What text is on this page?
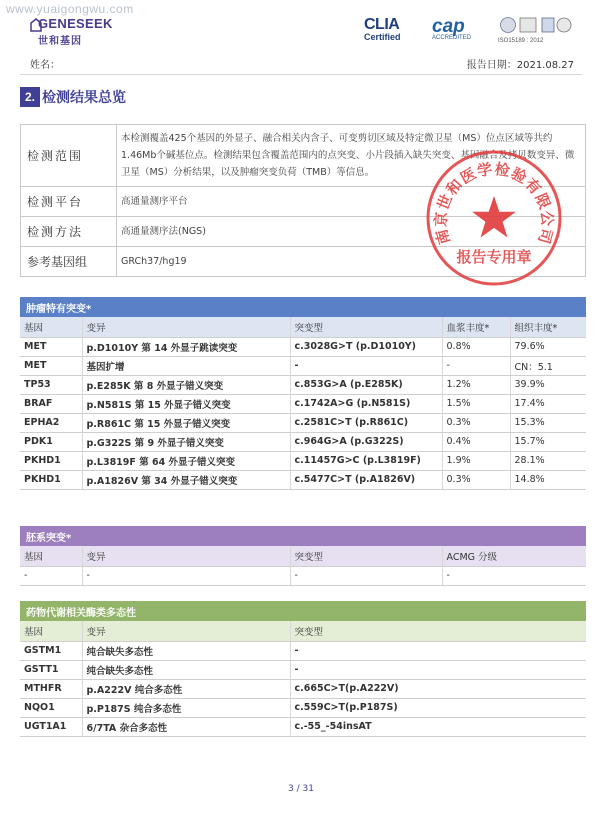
www.yuaigongwu.com
GENESEEK
世和基因
CLIA
Certified	cap
ACCREDITED	ISO15189 : 2012
姓名：	报告日期：2021.08.27
2. 检测结果总览
检测范围	本检测覆盖425个基因的外显子、融合相关内含子、可变剪切区域及特定微卫星（MS）位点区域等共约1.46Mb个碱基位点。检测结果包含覆盖范围内的点突变、小片段插入缺失突变、基因融合及拷贝数变异、微卫星（MS）分析结果，以及肿瘤突变负荷（TMB）等信息。
检测平台	高通量测序平台
检测方法	高通量测序法(NGS)
参考基因组	GRCh37/hg19
肿瘤特有突变*
基因	变异	突变型	血浆丰度*	组织丰度*
MET	p.D1010Y 第 14 外显子跳读突变	c.3028G>T (p.D1010Y)	0.8%	79.6%
MET	基因扩增	-	-	CN：5.1
TP53	p.E285K 第 8 外显子错义突变	c.853G>A (p.E285K)	1.2%	39.9%
BRAF	p.N581S 第 15 外显子错义突变	c.1742A>G (p.N581S)	1.5%	17.4%
EPHA2	p.R861C 第 15 外显子错义突变	c.2581C>T (p.R861C)	0.3%	15.3%
PDK1	p.G322S 第 9 外显子错义突变	c.964G>A (p.G322S)	0.4%	15.7%
PKHD1	p.L3819F 第 64 外显子错义突变	c.11457G>C (p.L3819F)	1.9%	28.1%
PKHD1	p.A1826V 第 34 外显子错义突变	c.5477C>T (p.A1826V)	0.3%	14.8%
胚系突变*
基因	变异	突变型	ACMG 分级
-	-	-	-
药物代谢相关酶类多态性
基因	变异	突变型
GSTM1	纯合缺失多态性	-
GSTT1	纯合缺失多态性	-
MTHFR	p.A222V 纯合多态性	c.665C>T(p.A222V)
NQO1	p.P187S 纯合多态性	c.559C>T(p.P187S)
UGT1A1	6/7TA 杂合多态性	c.-55_-54insAT
南京世和医学检验有限公司
报告专用章
3 / 31
